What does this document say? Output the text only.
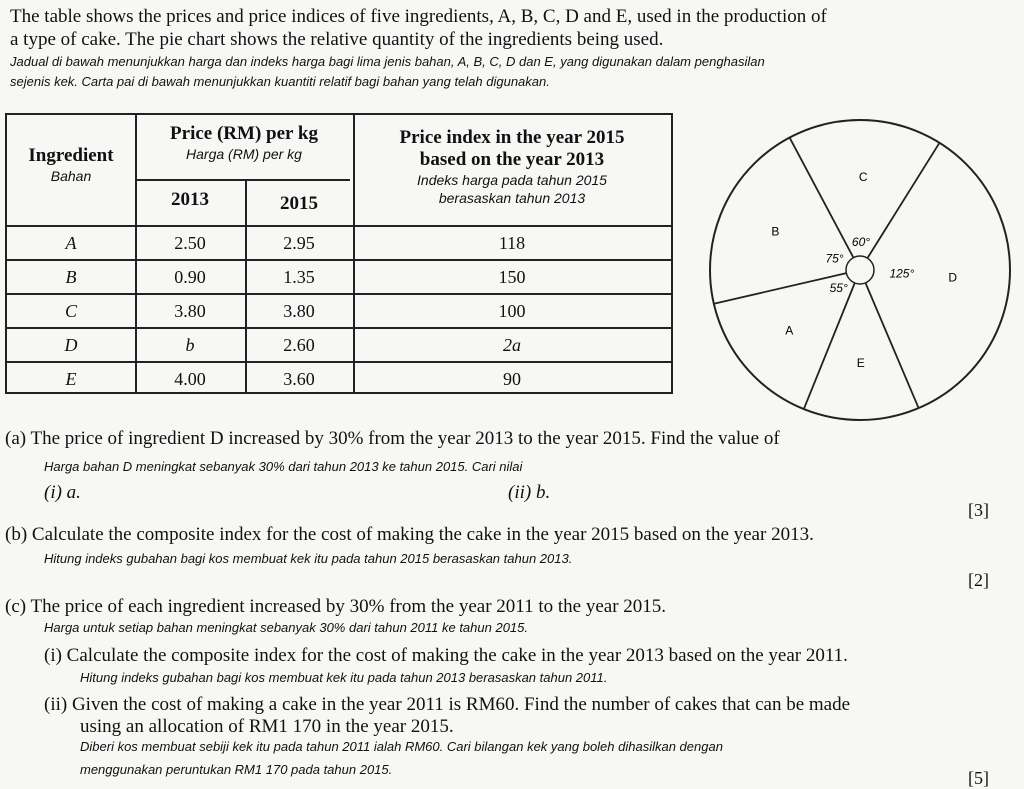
The table shows the prices and price indices of five ingredients, A, B, C, D and E, used in the production of
a type of cake. The pie chart shows the relative quantity of the ingredients being used.
Jadual di bawah menunjukkan harga dan indeks harga bagi lima jenis bahan, A, B, C, D dan E, yang digunakan dalam penghasilan
sejenis kek. Carta pai di bawah menunjukkan kuantiti relatif bagi bahan yang telah digunakan.
Ingredient
Bahan
Price (RM) per kg
Harga (RM) per kg
2013	2015
Price index in the year 2015
based on the year 2013
Indeks harga pada tahun 2015
berasaskan tahun 2013
A	2.50	2.95	118
B	0.90	1.35	150
C	3.80	3.80	100
D	b	2.60	2a
E	4.00	3.60	90
A
55°
B
75°
C
60°
D
125°
E
(a) The price of ingredient D increased by 30% from the year 2013 to the year 2015. Find the value of
Harga bahan D meningkat sebanyak 30% dari tahun 2013 ke tahun 2015. Cari nilai
(i) a.	(ii) b.
[3]
(b) Calculate the composite index for the cost of making the cake in the year 2015 based on the year 2013.
Hitung indeks gubahan bagi kos membuat kek itu pada tahun 2015 berasaskan tahun 2013.
[2]
(c) The price of each ingredient increased by 30% from the year 2011 to the year 2015.
Harga untuk setiap bahan meningkat sebanyak 30% dari tahun 2011 ke tahun 2015.
(i) Calculate the composite index for the cost of making the cake in the year 2013 based on the year 2011.
Hitung indeks gubahan bagi kos membuat kek itu pada tahun 2013 berasaskan tahun 2011.
(ii) Given the cost of making a cake in the year 2011 is RM60. Find the number of cakes that can be made
using an allocation of RM1 170 in the year 2015.
Diberi kos membuat sebiji kek itu pada tahun 2011 ialah RM60. Cari bilangan kek yang boleh dihasilkan dengan
menggunakan peruntukan RM1 170 pada tahun 2015.	[5]
